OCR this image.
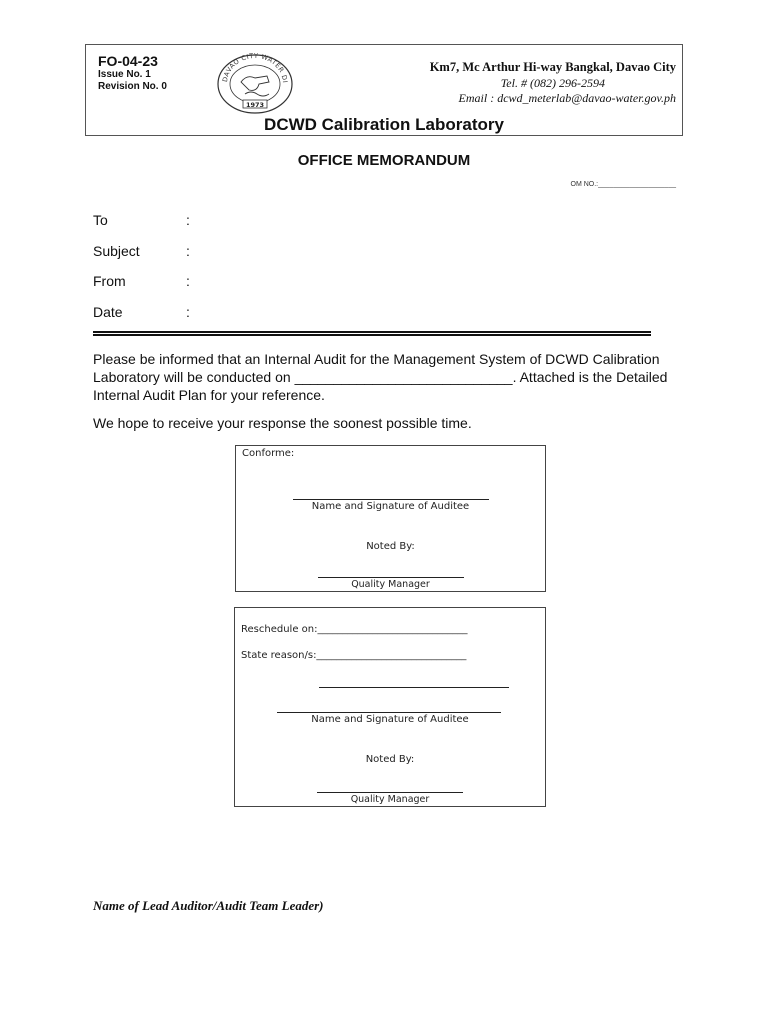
FO-04-23
Issue No. 1
Revision No. 0
DAVAO CITY WATER DI
1973
Km7, Mc Arthur Hi-way Bangkal, Davao City
Tel. # (082) 296-2594
Email : dcwd_meterlab@davao-water.gov.ph
DCWD Calibration Laboratory
OFFICE MEMORANDUM
OM NO.:____________________
To	:
Subject	:
From	:
Date	:
Please be informed that an Internal Audit for the Management System of DCWD Calibration Laboratory will be conducted on ____________________________. Attached is the Detailed Internal Audit Plan for your reference.
We hope to receive your response the soonest possible time.
Conforme:
Name and Signature of Auditee
Noted By:
Quality Manager
Reschedule on:______________________________
State reason/s:______________________________
Name and Signature of Auditee
Noted By:
Quality Manager
Name of Lead Auditor/Audit Team Leader)
